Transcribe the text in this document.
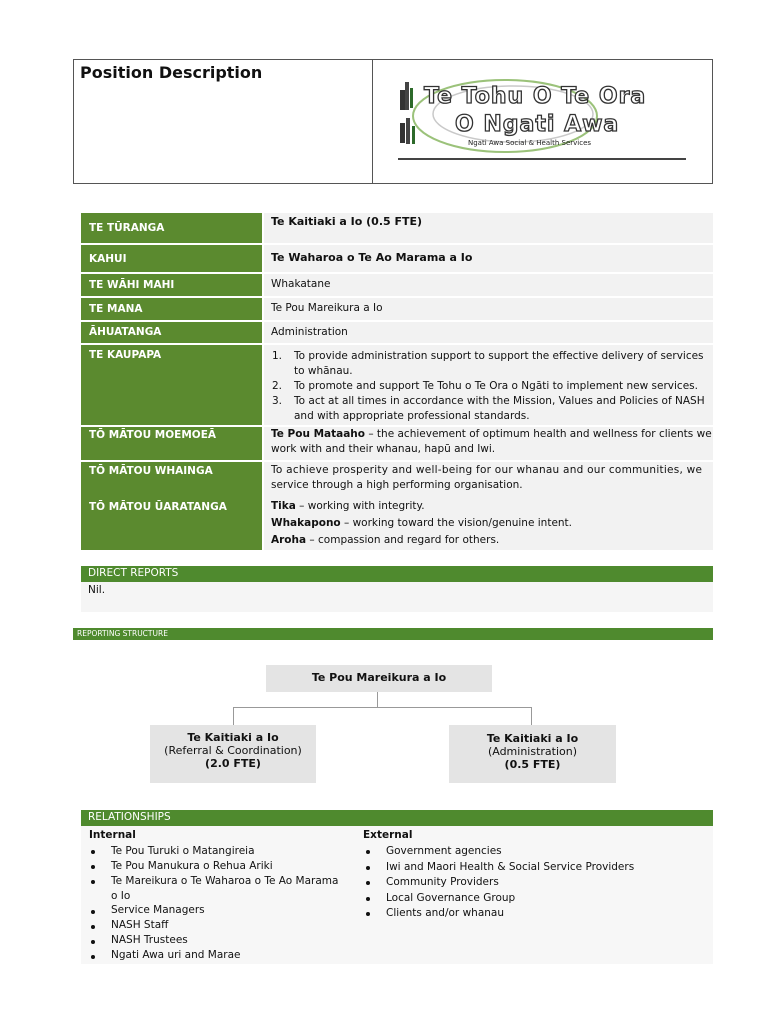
Position Description
Te Tohu O Te Ora
O Ngati Awa
Ngati Awa Social & Health Services
TE TŪRANGA	Te Kaitiaki a Io (0.5 FTE)
KAHUI	Te Waharoa o Te Ao Marama a Io
TE WĀHI MAHI	Whakatane
TE MANA	Te Pou Mareikura a Io
ĀHUATANGA	Administration
TE KAUPAPA	1. To provide administration support to support the effective delivery of services
to whānau.
2. To promote and support Te Tohu o Te Ora o Ngāti to implement new services.
3. To act at all times in accordance with the Mission, Values and Policies of NASH
and with appropriate professional standards.
TŌ MĀTOU MOEMOEĀ	Te Pou Mataaho – the achievement of optimum health and wellness for clients we
work with and their whanau, hapū and Iwi.
TŌ MĀTOU WHAINGA	To achieve prosperity and well-being for our whanau and our communities, we
service through a high performing organisation.
TŌ MĀTOU ŪARATANGA	Tika – working with integrity.
Whakapono – working toward the vision/genuine intent.
Aroha – compassion and regard for others.
DIRECT REPORTS
Nil.
REPORTING STRUCTURE
Te Pou Mareikura a Io
Te Kaitiaki a Io
(Referral & Coordination)
(2.0 FTE)
Te Kaitiaki a Io
(Administration)
(0.5 FTE)
RELATIONSHIPS
Internal	External
Te Pou Turuki o Matangireia
Te Pou Manukura o Rehua Ariki
Te Mareikura o Te Waharoa o Te Ao Marama
o Io
Service Managers
NASH Staff
NASH Trustees
Ngati Awa uri and Marae
Government agencies
Iwi and Maori Health & Social Service Providers
Community Providers
Local Governance Group
Clients and/or whanau
